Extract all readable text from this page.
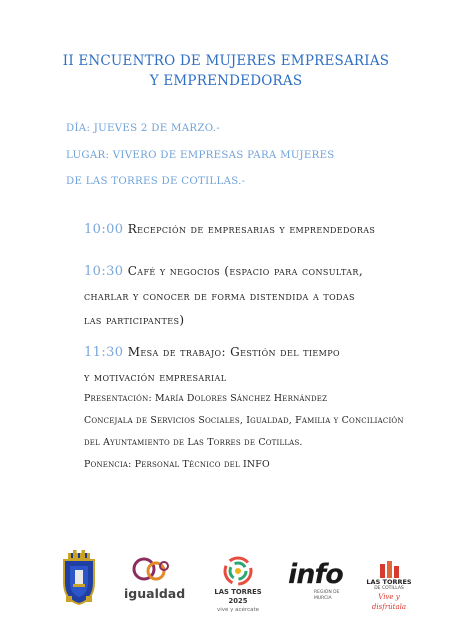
II ENCUENTRO DE MUJERES EMPRESARIAS
Y EMPRENDEDORAS
DÍA: JUEVES 2 DE MARZO.-
LUGAR: VIVERO DE EMPRESAS PARA MUJERES
DE LAS TORRES DE COTILLAS.-
10:00 Recepción de empresarias y emprendedoras
10:30 Café y negocios (espacio para consultar,
charlar y conocer de forma distendida a todas
las participantes)
11:30 Mesa de trabajo: Gestión del tiempo
y motivación empresarial
Presentación: María Dolores Sánchez Hernández
Concejala de Servicios Sociales, Igualdad, Familia y Conciliación
del Ayuntamiento de Las Torres de Cotillas.
Ponencia: Personal Técnico del INFO
igualdad	LAS TORRES 2025
vive y acércate
info
REGIÓN DE MURCIA
LAS TORRES
DE COTILLAS
Vive y disfrútala
